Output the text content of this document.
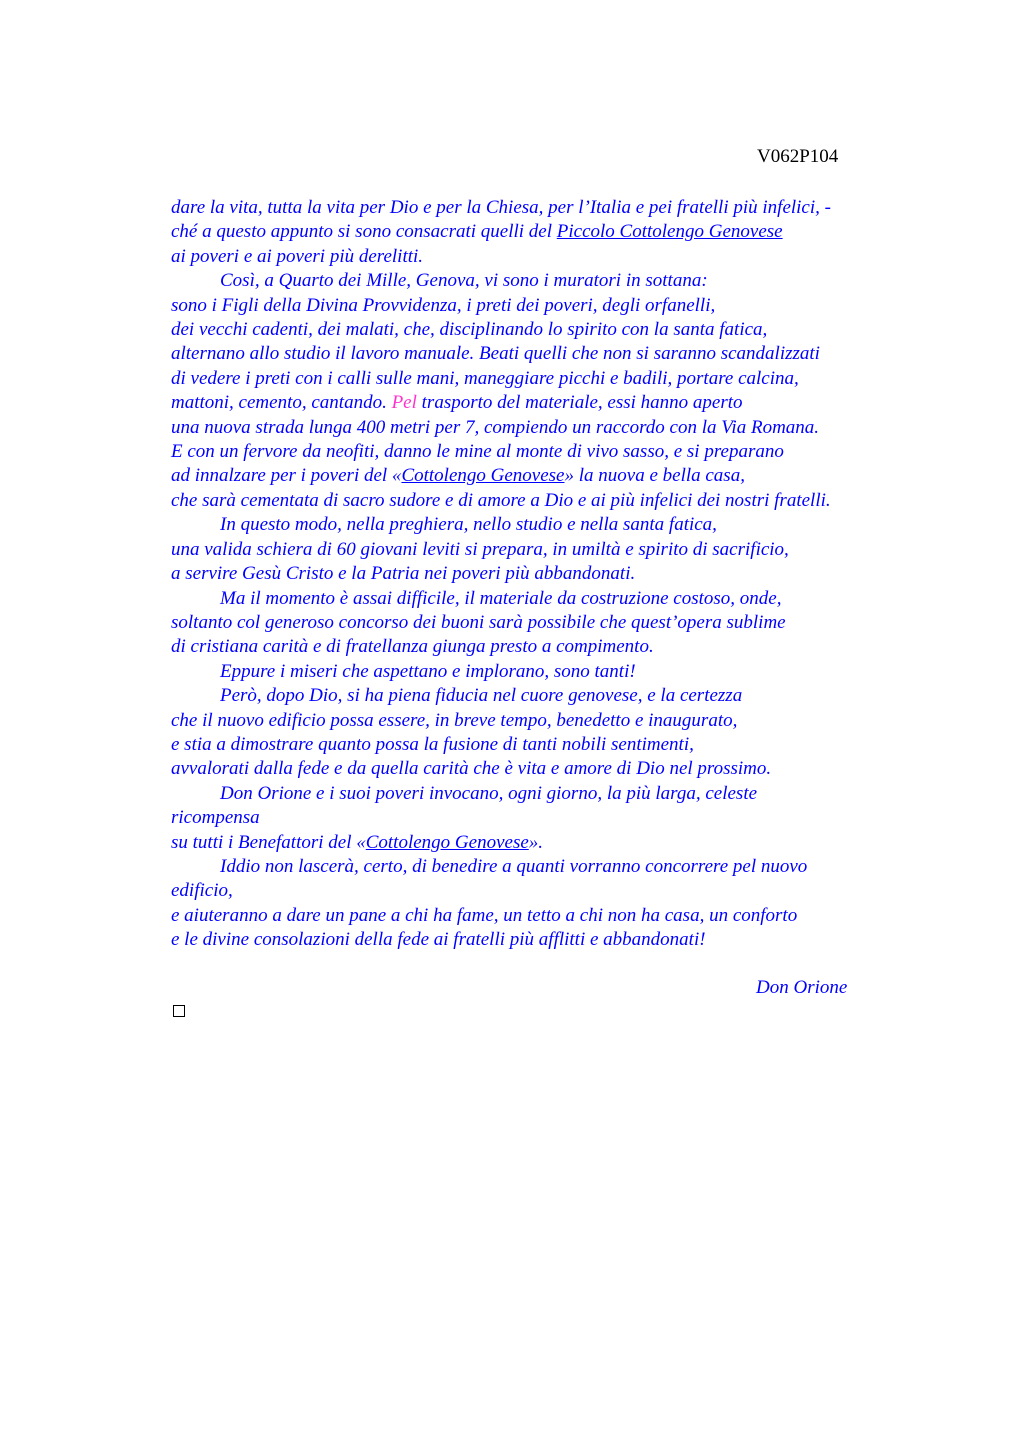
V062P104
dare la vita, tutta la vita per Dio e per la Chiesa, per l’Italia e pei fratelli più infelici, -
ché a questo appunto si sono consacrati quelli del Piccolo Cottolengo Genovese
ai poveri e ai poveri più derelitti.
Così, a Quarto dei Mille, Genova, vi sono i muratori in sottana:
sono i Figli della Divina Provvidenza, i preti dei poveri, degli orfanelli,
dei vecchi cadenti, dei malati, che, disciplinando lo spirito con la santa fatica,
alternano allo studio il lavoro manuale. Beati quelli che non si saranno scandalizzati
di vedere i preti con i calli sulle mani, maneggiare picchi e badili, portare calcina,
mattoni, cemento, cantando. Pel trasporto del materiale, essi hanno aperto
una nuova strada lunga 400 metri per 7, compiendo un raccordo con la Via Romana.
E con un fervore da neofiti, danno le mine al monte di vivo sasso, e si preparano
ad innalzare per i poveri del «Cottolengo Genovese» la nuova e bella casa,
che sarà cementata di sacro sudore e di amore a Dio e ai più infelici dei nostri fratelli.
In questo modo, nella preghiera, nello studio e nella santa fatica,
una valida schiera di 60 giovani leviti si prepara, in umiltà e spirito di sacrificio,
a servire Gesù Cristo e la Patria nei poveri più abbandonati.
Ma il momento è assai difficile, il materiale da costruzione costoso, onde,
soltanto col generoso concorso dei buoni sarà possibile che quest’opera sublime
di cristiana carità e di fratellanza giunga presto a compimento.
Eppure i miseri che aspettano e implorano, sono tanti!
Però, dopo Dio, si ha piena fiducia nel cuore genovese, e la certezza
che il nuovo edificio possa essere, in breve tempo, benedetto e inaugurato,
e stia a dimostrare quanto possa la fusione di tanti nobili sentimenti,
avvalorati dalla fede e da quella carità che è vita e amore di Dio nel prossimo.
Don Orione e i suoi poveri invocano, ogni giorno, la più larga, celeste
ricompensa
su tutti i Benefattori del «Cottolengo Genovese».
Iddio non lascerà, certo, di benedire a quanti vorranno concorrere pel nuovo
edificio,
e aiuteranno a dare un pane a chi ha fame, un tetto a chi non ha casa, un conforto
e le divine consolazioni della fede ai fratelli più afflitti e abbandonati!
Don Orione
